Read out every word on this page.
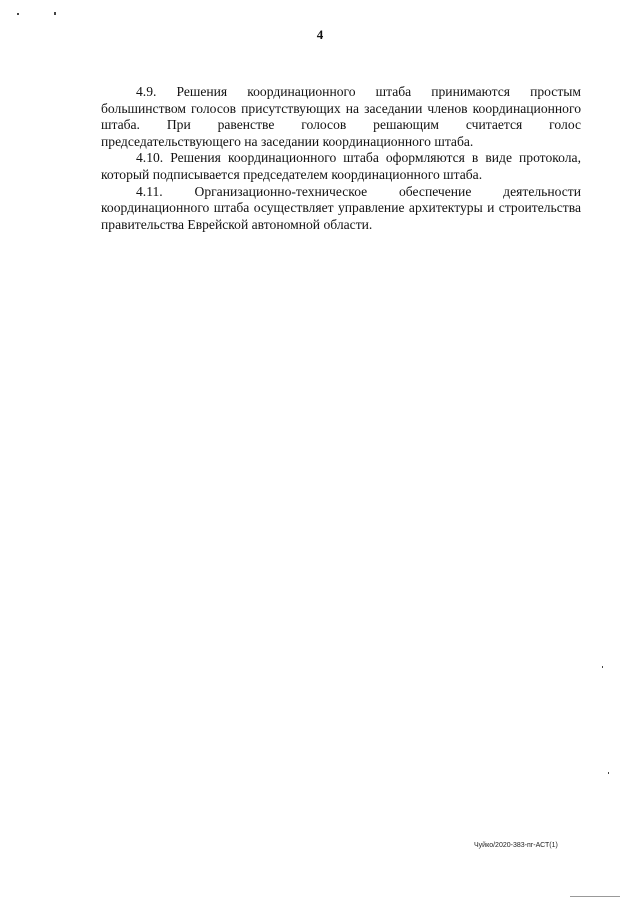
4

4.9. Решения координационного штаба принимаются простым большинством голосов присутствующих на заседании членов координационного штаба. При равенстве голосов решающим считается голос председательствующего на заседании координационного штаба.

4.10. Решения координационного штаба оформляются в виде протокола, который подписывается председателем координационного штаба.

4.11. Организационно-техническое обеспечение деятельности координационного штаба осуществляет управление архитектуры и строительства правительства Еврейской автономной области.

Чуйко/2020-383-пг-АСТ(1)
